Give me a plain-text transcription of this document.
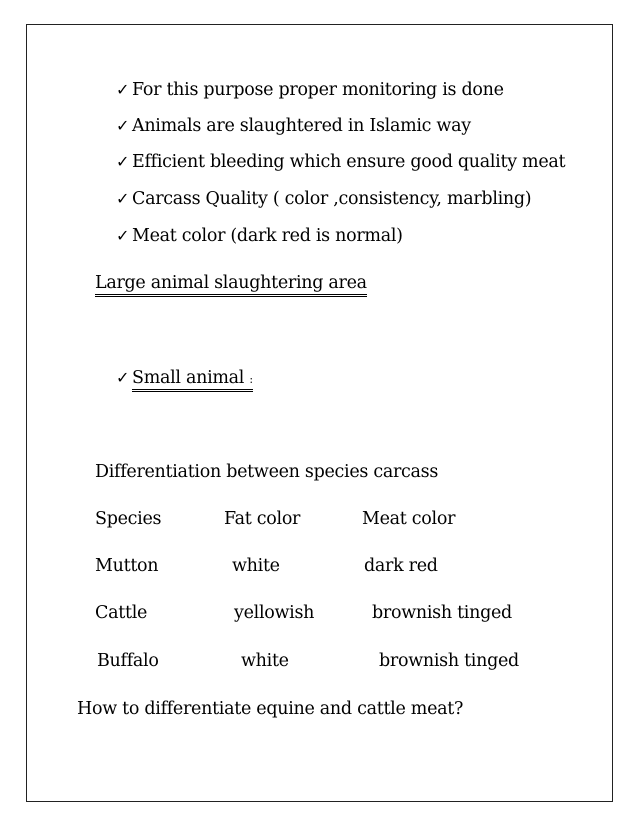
✓ For this purpose proper monitoring is done
✓ Animals are slaughtered in Islamic way
✓ Efficient bleeding which ensure good quality meat
✓ Carcass Quality ( color ,consistency, marbling)
✓ Meat color (dark red is normal)
Large animal slaughtering area
✓ Small animal :
Differentiation between species carcass
Species	Fat color	Meat color
Mutton	white	dark red
Cattle	yellowish	brownish tinged
Buffalo	white	brownish tinged
How to differentiate equine and cattle meat?
